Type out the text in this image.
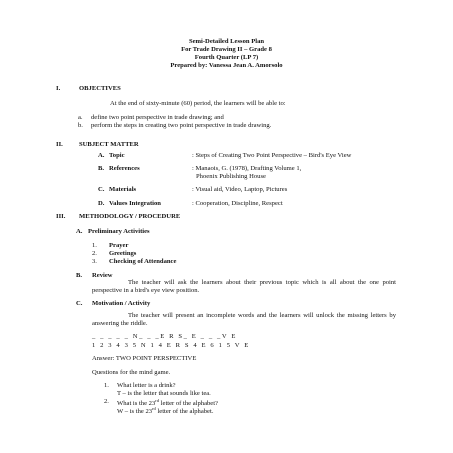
Semi-Detailed Lesson Plan
For Trade Drawing II – Grade 8
Fourth Quarter (LP 7)
Prepared by: Vanessa Jean A. Amorsolo
I.	OBJECTIVES
At the end of sixty-minute (60) period, the learners will be able to:
a. define two point perspective in trade drawing; and
b. perform the steps in creating two point perspective in trade drawing.
II. SUBJECT MATTER
A. Topic	: Steps of Creating Two Point Perspective – Bird's Eye View
B. References	: Manaois, G. (1978), Drafting Volume 1,
Phoenix Publishing House
C. Materials	: Visual aid, Video, Laptop, Pictures
D. Values Integration	: Cooperation, Discipline, Respect
III. METHODOLOGY / PROCEDURE
A. Preliminary Activities
1. Prayer
2. Greetings
3. Checking of Attendance
B. Review
The teacher will ask the learners about their previous topic which is all about the one point perspective in a bird's eye view position.
C. Motivation / Activity
The teacher will present an incomplete words and the learners will unlock the missing letters by answering the riddle.
_ _ _ _ _ N_ _ _E R S_ E _ _ _V E
1 2 3 4 3 5 N 1 4 E R S 4 E 6 1 5 V E
Answer: TWO POINT PERSPECTIVE
Questions for the mind game.
1. What letter is a drink?
T – is the letter that sounds like tea.
2. What is the 23rd letter of the alphabet?
W – is the 23rd letter of the alphabet.
